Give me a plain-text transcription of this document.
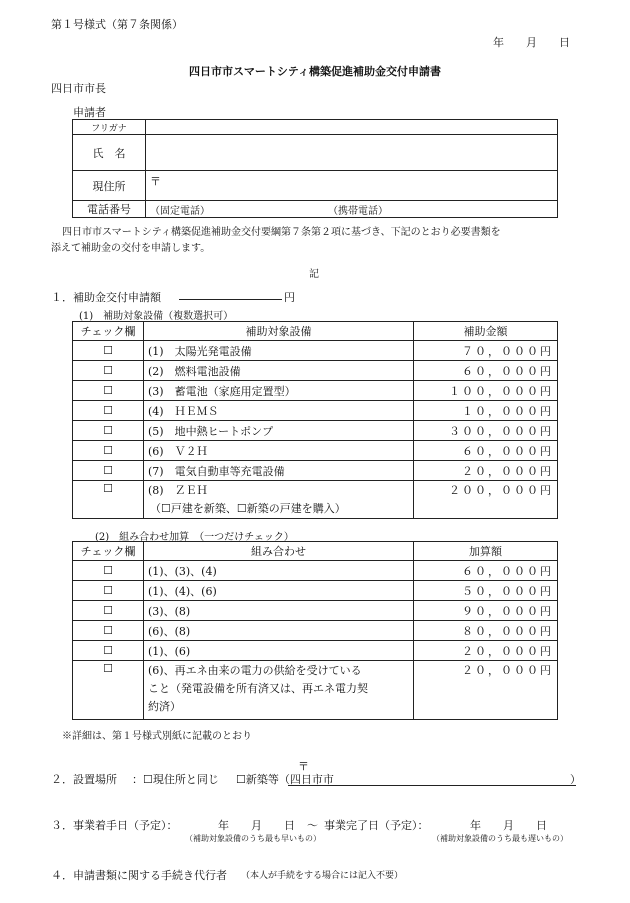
第１号様式（第７条関係）
年　　月　　日
四日市市スマートシティ構築促進補助金交付申請書
四日市市長
申請者
フリガナ	
氏　名	
現住所	〒
電話番号	（固定電話） （携帯電話）
四日市市スマートシティ構築促進補助金交付要綱第７条第２項に基づき、下記のとおり必要書類を
添えて補助金の交付を申請します。
記
１．補助金交付申請額	円
(1)　補助対象設備（複数選択可）
チェック欄	補助対象設備	補助金額
☐	(1)　太陽光発電設備	７０，０００円
☐	(2)　燃料電池設備	６０，０００円
☐	(3)　蓄電池（家庭用定置型）	１００，０００円
☐	(4)　ＨＥＭＳ	１０，０００円
☐	(5)　地中熱ヒートポンプ	３００，０００円
☐	(6)　Ｖ２Ｈ	６０，０００円
☐	(7)　電気自動車等充電設備	２０，０００円
☐	(8)　ＺＥＨ
（☐戸建を新築、☐新築の戸建を購入）	２００，０００円
(2)　組み合わせ加算　（一つだけチェック）
チェック欄	組み合わせ	加算額
☐	(1)、(3)、(4)	６０，０００円
☐	(1)、(4)、(6)	５０，０００円
☐	(3)、(8)	９０，０００円
☐	(6)、(8)	８０，０００円
☐	(1)、(6)	２０，０００円
☐	(6)、再エネ由来の電力の供給を受けている
こと（発電設備を所有済又は、再エネ電力契
約済）	２０，０００円
※詳細は、第１号様式別紙に記載のとおり
〒
２．設置場所 ： ☐現住所と同じ ☐新築等（四日市市	）
３．事業着手日（予定）：	年　　月　　日 ～ 事業完了日（予定）：	年　　月　　日
（補助対象設備のうち最も早いもの）	（補助対象設備のうち最も遅いもの）
４．申請書類に関する手続き代行者 （本人が手続をする場合には記入不要）
